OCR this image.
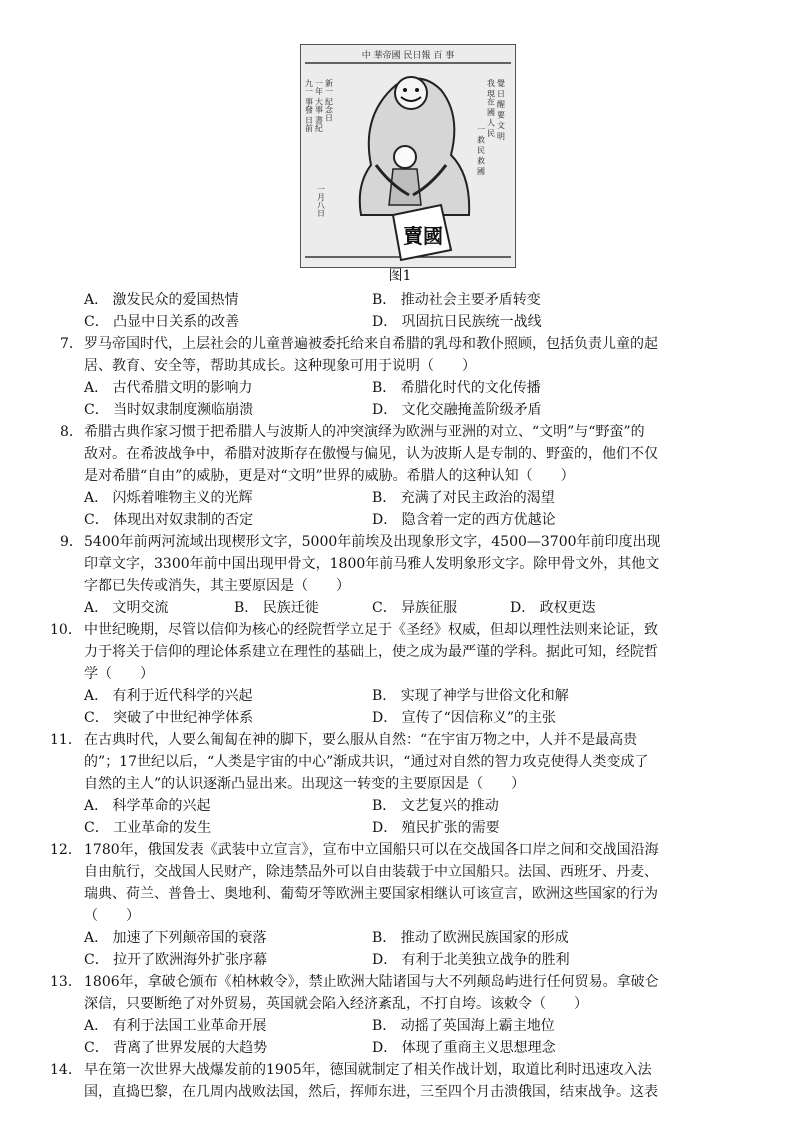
中 華帝國 民日報 百 事
九一 事發 日前 一年 大事 書紀 新一 紀念日
一月八日
我 現在 國 人 民 覺 日 醒 要 文 明
一 救 民 救 國
賣國
图1
A． 激发民众的爱国热情	B． 推动社会主要矛盾转变
C． 凸显中日关系的改善	D． 巩固抗日民族统一战线
7． 罗马帝国时代，上层社会的儿童普遍被委托给来自希腊的乳母和教仆照顾，包括负责儿童的起
居、教育、安全等，帮助其成长。这种现象可用于说明（　　）
A． 古代希腊文明的影响力	B． 希腊化时代的文化传播
C． 当时奴隶制度濒临崩溃	D． 文化交融掩盖阶级矛盾
8． 希腊古典作家习惯于把希腊人与波斯人的冲突演绎为欧洲与亚洲的对立、“文明”与“野蛮”的
敌对。在希波战争中，希腊对波斯存在傲慢与偏见，认为波斯人是专制的、野蛮的，他们不仅
是对希腊“自由”的威胁，更是对“文明”世界的威胁。希腊人的这种认知（　　）
A． 闪烁着唯物主义的光辉	B． 充满了对民主政治的渴望
C． 体现出对奴隶制的否定	D． 隐含着一定的西方优越论
9． 5400年前两河流域出现楔形文字，5000年前埃及出现象形文字，4500—3700年前印度出现
印章文字，3300年前中国出现甲骨文，1800年前马雅人发明象形文字。除甲骨文外，其他文
字都已失传或消失，其主要原因是（　　）
A． 文明交流	B． 民族迁徙	C． 异族征服	D． 政权更迭
10． 中世纪晚期，尽管以信仰为核心的经院哲学立足于《圣经》权威，但却以理性法则来论证，致
力于将关于信仰的理论体系建立在理性的基础上，使之成为最严谨的学科。据此可知，经院哲
学（　　）
A． 有利于近代科学的兴起	B． 实现了神学与世俗文化和解
C． 突破了中世纪神学体系	D． 宣传了“因信称义”的主张
11． 在古典时代，人要么匍匐在神的脚下，要么服从自然：“在宇宙万物之中，人并不是最高贵
的”；17世纪以后，“人类是宇宙的中心”渐成共识，“通过对自然的智力攻克使得人类变成了
自然的主人”的认识逐渐凸显出来。出现这一转变的主要原因是（　　）
A． 科学革命的兴起	B． 文艺复兴的推动
C． 工业革命的发生	D． 殖民扩张的需要
12． 1780年，俄国发表《武装中立宣言》，宣布中立国船只可以在交战国各口岸之间和交战国沿海
自由航行，交战国人民财产，除违禁品外可以自由装载于中立国船只。法国、西班牙、丹麦、
瑞典、荷兰、普鲁士、奥地利、葡萄牙等欧洲主要国家相继认可该宣言，欧洲这些国家的行为
（　　）
A． 加速了下列颠帝国的衰落	B． 推动了欧洲民族国家的形成
C． 拉开了欧洲海外扩张序幕	D． 有利于北美独立战争的胜利
13． 1806年，拿破仑颁布《柏林敕令》，禁止欧洲大陆诸国与大不列颠岛屿进行任何贸易。拿破仑
深信，只要断绝了对外贸易，英国就会陷入经济紊乱，不打自垮。该敕令（　　）
A． 有利于法国工业革命开展	B． 动摇了英国海上霸主地位
C． 背离了世界发展的大趋势	D． 体现了重商主义思想理念
14． 早在第一次世界大战爆发前的1905年，德国就制定了相关作战计划，取道比利时迅速攻入法
国，直捣巴黎，在几周内战败法国，然后，挥师东进，三至四个月击溃俄国，结束战争。这表
